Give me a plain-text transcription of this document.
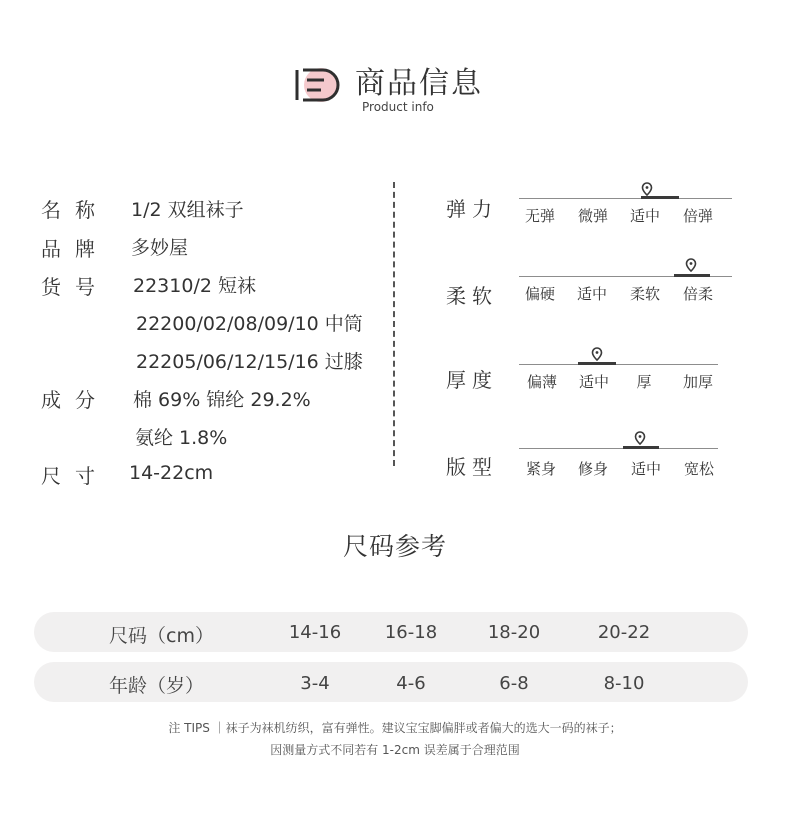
商品信息
Product info
名称 1/2 双组袜子
品牌 多妙屋
货号 22310/2 短袜
22200/02/08/09/10 中筒
22205/06/12/15/16 过膝
成分 棉 69% 锦纶 29.2%
氨纶 1.8%
尺寸 14-22cm
弹力	无弹	微弹	适中	倍弹
柔软	偏硬	适中	柔软	倍柔
厚度	偏薄	适中	厚	加厚
版型	紧身	修身	适中	宽松
尺码参考
尺码（cm）	14-16	16-18	18-20	20-22
年龄（岁）	3-4	4-6	6-8	8-10
注 TIPS ｜袜子为袜机纺织，富有弹性。建议宝宝脚偏胖或者偏大的选大一码的袜子；
因测量方式不同若有 1-2cm 误差属于合理范围
